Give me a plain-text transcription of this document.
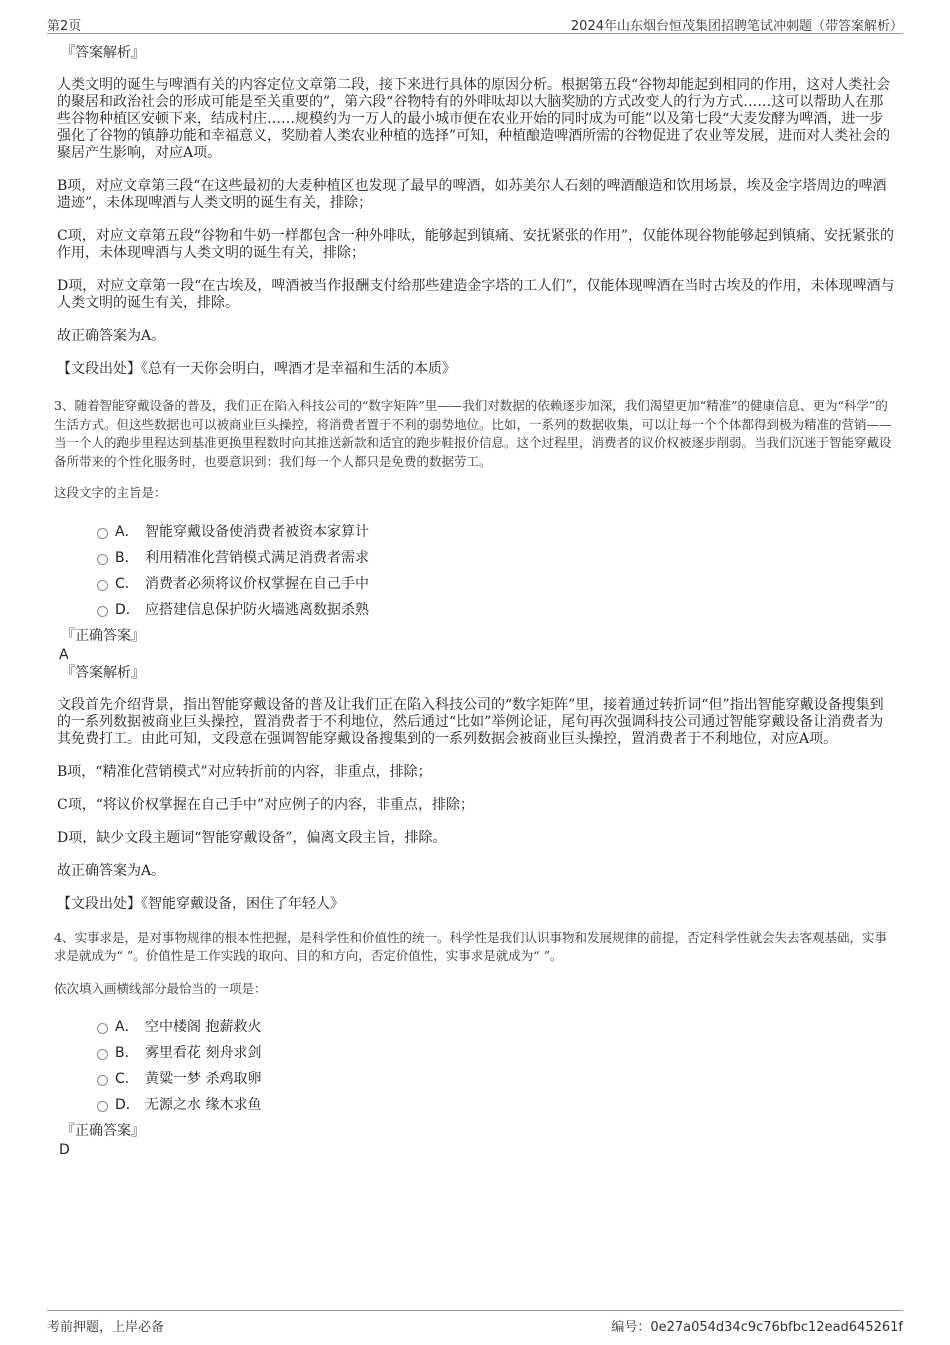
第2页	2024年山东烟台恒茂集团招聘笔试冲刺题（带答案解析）
『答案解析』

人类文明的诞生与啤酒有关的内容定位文章第二段，接下来进行具体的原因分析。根据第五段“谷物却能起到相同的作用，这对人类社会的聚居和政治社会的形成可能是至关重要的”，第六段“谷物特有的外啡呔却以大脑奖励的方式改变人的行为方式……这可以帮助人在那些谷物种植区安顿下来，结成村庄……规模约为一万人的最小城市便在农业开始的同时成为可能”以及第七段“大麦发酵为啤酒，进一步强化了谷物的镇静功能和幸福意义，奖励着人类农业种植的选择”可知，种植酿造啤酒所需的谷物促进了农业等发展，进而对人类社会的聚居产生影响，对应A项。

B项，对应文章第三段“在这些最初的大麦种植区也发现了最早的啤酒，如苏美尔人石刻的啤酒酿造和饮用场景，埃及金字塔周边的啤酒遗迹”，未体现啤酒与人类文明的诞生有关，排除；

C项，对应文章第五段“谷物和牛奶一样都包含一种外啡呔，能够起到镇痛、安抚紧张的作用”，仅能体现谷物能够起到镇痛、安抚紧张的作用，未体现啤酒与人类文明的诞生有关，排除；

D项，对应文章第一段“在古埃及，啤酒被当作报酬支付给那些建造金字塔的工人们”，仅能体现啤酒在当时古埃及的作用，未体现啤酒与人类文明的诞生有关，排除。

故正确答案为A。

【文段出处】《总有一天你会明白，啤酒才是幸福和生活的本质》

3、随着智能穿戴设备的普及，我们正在陷入科技公司的“数字矩阵”里——我们对数据的依赖逐步加深，我们渴望更加“精准”的健康信息、更为“科学”的生活方式。但这些数据也可以被商业巨头操控，将消费者置于不利的弱势地位。比如，一系列的数据收集，可以让每一个个体都得到极为精准的营销——当一个人的跑步里程达到基准更换里程数时向其推送新款和适宜的跑步鞋报价信息。这个过程里，消费者的议价权被逐步削弱。当我们沉迷于智能穿戴设备所带来的个性化服务时，也要意识到：我们每一个人都只是免费的数据劳工。

这段文字的主旨是：

A． 智能穿戴设备使消费者被资本家算计
B． 利用精准化营销模式满足消费者需求
C． 消费者必须将议价权掌握在自己手中
D． 应搭建信息保护防火墙逃离数据杀熟
『正确答案』
A
『答案解析』

文段首先介绍背景，指出智能穿戴设备的普及让我们正在陷入科技公司的“数字矩阵”里，接着通过转折词“但”指出智能穿戴设备搜集到的一系列数据被商业巨头操控，置消费者于不利地位，然后通过“比如”举例论证，尾句再次强调科技公司通过智能穿戴设备让消费者为其免费打工。由此可知，文段意在强调智能穿戴设备搜集到的一系列数据会被商业巨头操控，置消费者于不利地位，对应A项。

B项，“精准化营销模式”对应转折前的内容，非重点，排除；

C项，“将议价权掌握在自己手中”对应例子的内容，非重点，排除；

D项，缺少文段主题词“智能穿戴设备”，偏离文段主旨，排除。

故正确答案为A。

【文段出处】《智能穿戴设备，困住了年轻人》

4、实事求是，是对事物规律的根本性把握，是科学性和价值性的统一。科学性是我们认识事物和发展规律的前提，否定科学性就会失去客观基础，实事求是就成为“ ”。价值性是工作实践的取向、目的和方向，否定价值性，实事求是就成为“ ”。

依次填入画横线部分最恰当的一项是：

A． 空中楼阁 抱薪救火
B． 雾里看花 刻舟求剑
C． 黄粱一梦 杀鸡取卵
D． 无源之水 缘木求鱼
『正确答案』
D
考前押题，上岸必备	编号：0e27a054d34c9c76bfbc12ead645261f
